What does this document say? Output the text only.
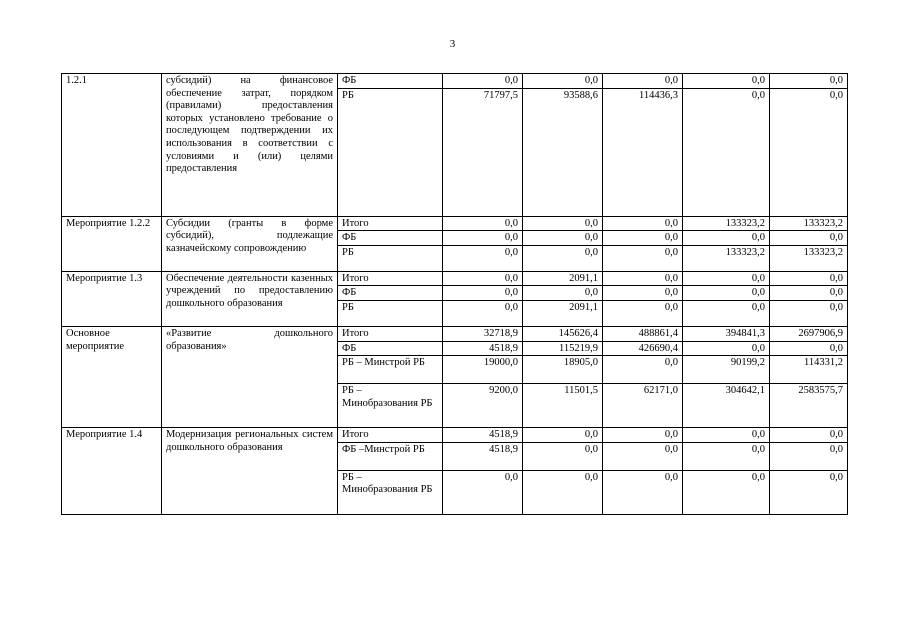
3
1.2.1	субсидий) на финансовое обеспечение затрат, порядком (правилами) предоставления которых установлено требование о последующем подтверждении их использования в соответствии с условиями и (или) целями предоставления	ФБ	0,0	0,0	0,0	0,0	0,0
		РБ	71797,5	93588,6	114436,3	0,0	0,0
Мероприятие 1.2.2	Субсидии (гранты в форме субсидий), подлежащие казначейскому сопровождению	Итого	0,0	0,0	0,0	133323,2	133323,2
		ФБ	0,0	0,0	0,0	0,0	0,0
		РБ	0,0	0,0	0,0	133323,2	133323,2
Мероприятие 1.3	Обеспечение деятельности казенных учреждений по предоставлению дошкольного образования	Итого	0,0	2091,1	0,0	0,0	0,0
		ФБ	0,0	0,0	0,0	0,0	0,0
		РБ	0,0	2091,1	0,0	0,0	0,0
Основное мероприятие	«Развитие дошкольного образования»	Итого	32718,9	145626,4	488861,4	394841,3	2697906,9
		ФБ	4518,9	115219,9	426690,4	0,0	0,0
		РБ – Минстрой РБ	19000,0	18905,0	0,0	90199,2	114331,2
		РБ – Минобразования РБ	9200,0	11501,5	62171,0	304642,1	2583575,7
Мероприятие 1.4	Модернизация региональных систем дошкольного образования	Итого	4518,9	0,0	0,0	0,0	0,0
		ФБ –Минстрой РБ	4518,9	0,0	0,0	0,0	0,0
		РБ – Минобразования РБ	0,0	0,0	0,0	0,0	0,0
